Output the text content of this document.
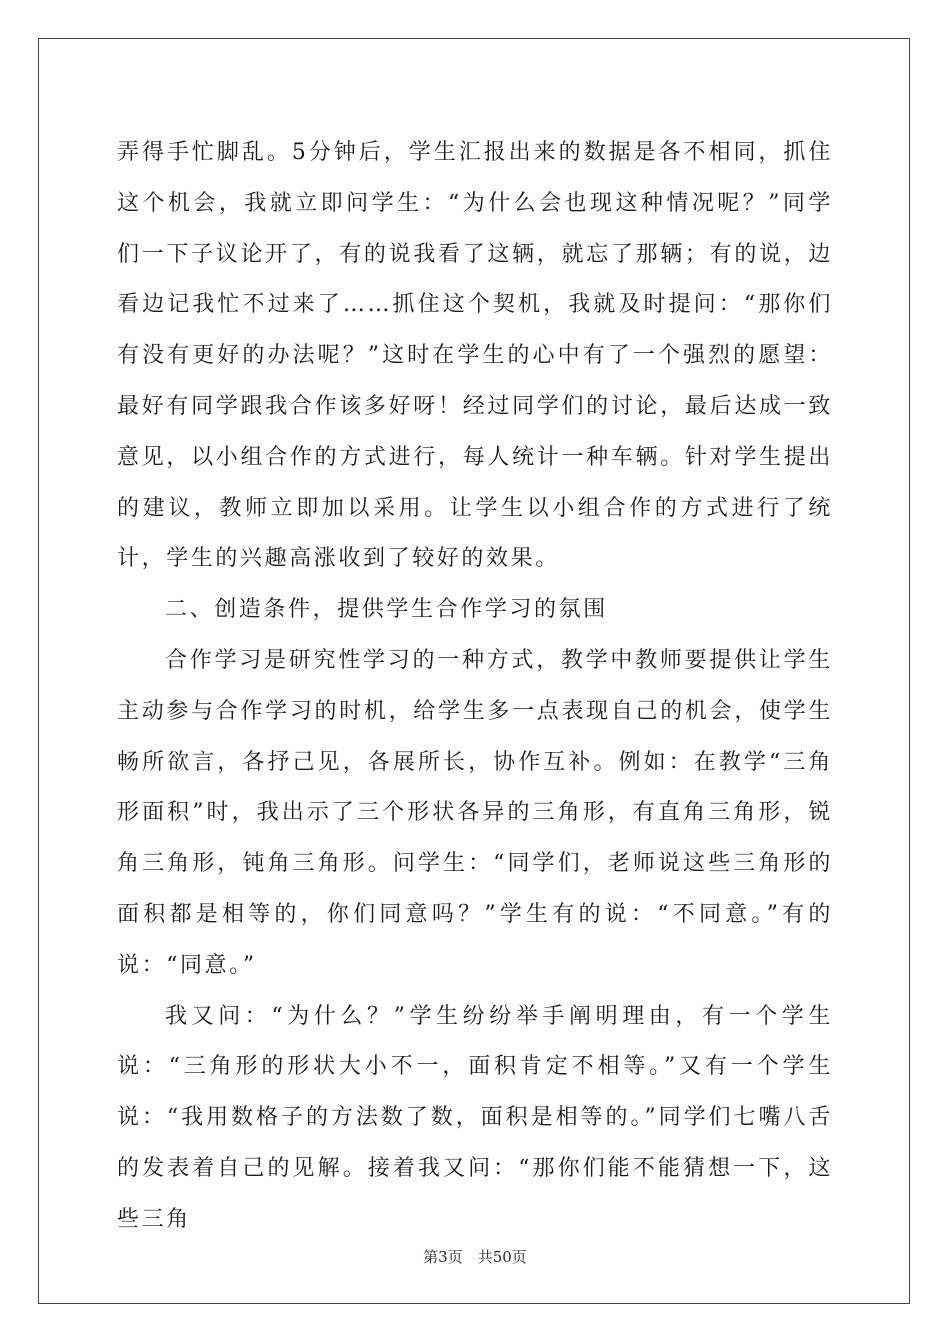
弄得手忙脚乱。5分钟后，学生汇报出来的数据是各不相同，抓住这个机会，我就立即问学生：“为什么会也现这种情况呢？”同学们一下子议论开了，有的说我看了这辆，就忘了那辆；有的说，边看边记我忙不过来了……抓住这个契机，我就及时提问：“那你们有没有更好的办法呢？”这时在学生的心中有了一个强烈的愿望：最好有同学跟我合作该多好呀！经过同学们的讨论，最后达成一致意见，以小组合作的方式进行，每人统计一种车辆。针对学生提出的建议，教师立即加以采用。让学生以小组合作的方式进行了统计，学生的兴趣高涨收到了较好的效果。

二、创造条件，提供学生合作学习的氛围

合作学习是研究性学习的一种方式，教学中教师要提供让学生主动参与合作学习的时机，给学生多一点表现自己的机会，使学生畅所欲言，各抒己见，各展所长，协作互补。例如：在教学“三角形面积”时，我出示了三个形状各异的三角形，有直角三角形，锐角三角形，钝角三角形。问学生：“同学们，老师说这些三角形的面积都是相等的，你们同意吗？”学生有的说：“不同意。”有的说：“同意。”

我又问：“为什么？”学生纷纷举手阐明理由，有一个学生说：“三角形的形状大小不一，面积肯定不相等。”又有一个学生说：“我用数格子的方法数了数，面积是相等的。”同学们七嘴八舌的发表着自己的见解。接着我又问：“那你们能不能猜想一下，这些三角

第3页　共50页
